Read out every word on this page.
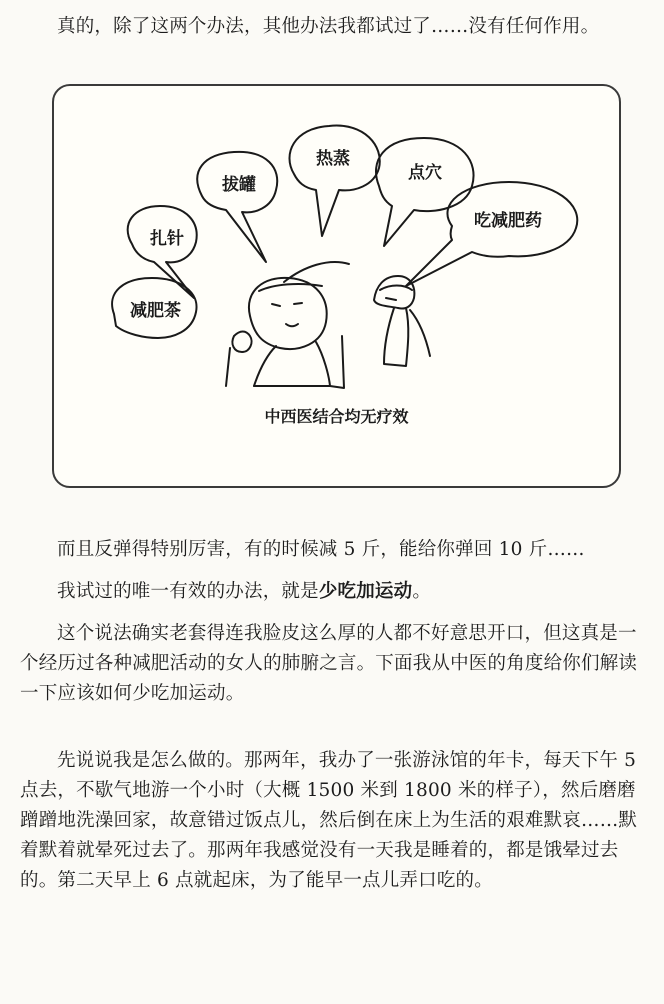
真的，除了这两个办法，其他办法我都试过了……没有任何作用。

热蒸
点穴
拔罐
扎针
吃减肥药
减肥茶
中西医结合均无疗效

而且反弹得特别厉害，有的时候减 5 斤，能给你弹回 10 斤……

我试过的唯一有效的办法，就是少吃加运动。

这个说法确实老套得连我脸皮这么厚的人都不好意思开口，但这真是一个经历过各种减肥活动的女人的肺腑之言。下面我从中医的角度给你们解读一下应该如何少吃加运动。

先说说我是怎么做的。那两年，我办了一张游泳馆的年卡，每天下午 5 点去，不歇气地游一个小时（大概 1500 米到 1800 米的样子），然后磨磨蹭蹭地洗澡回家，故意错过饭点儿，然后倒在床上为生活的艰难默哀……默着默着就晕死过去了。那两年我感觉没有一天我是睡着的，都是饿晕过去的。第二天早上 6 点就起床，为了能早一点儿弄口吃的。
